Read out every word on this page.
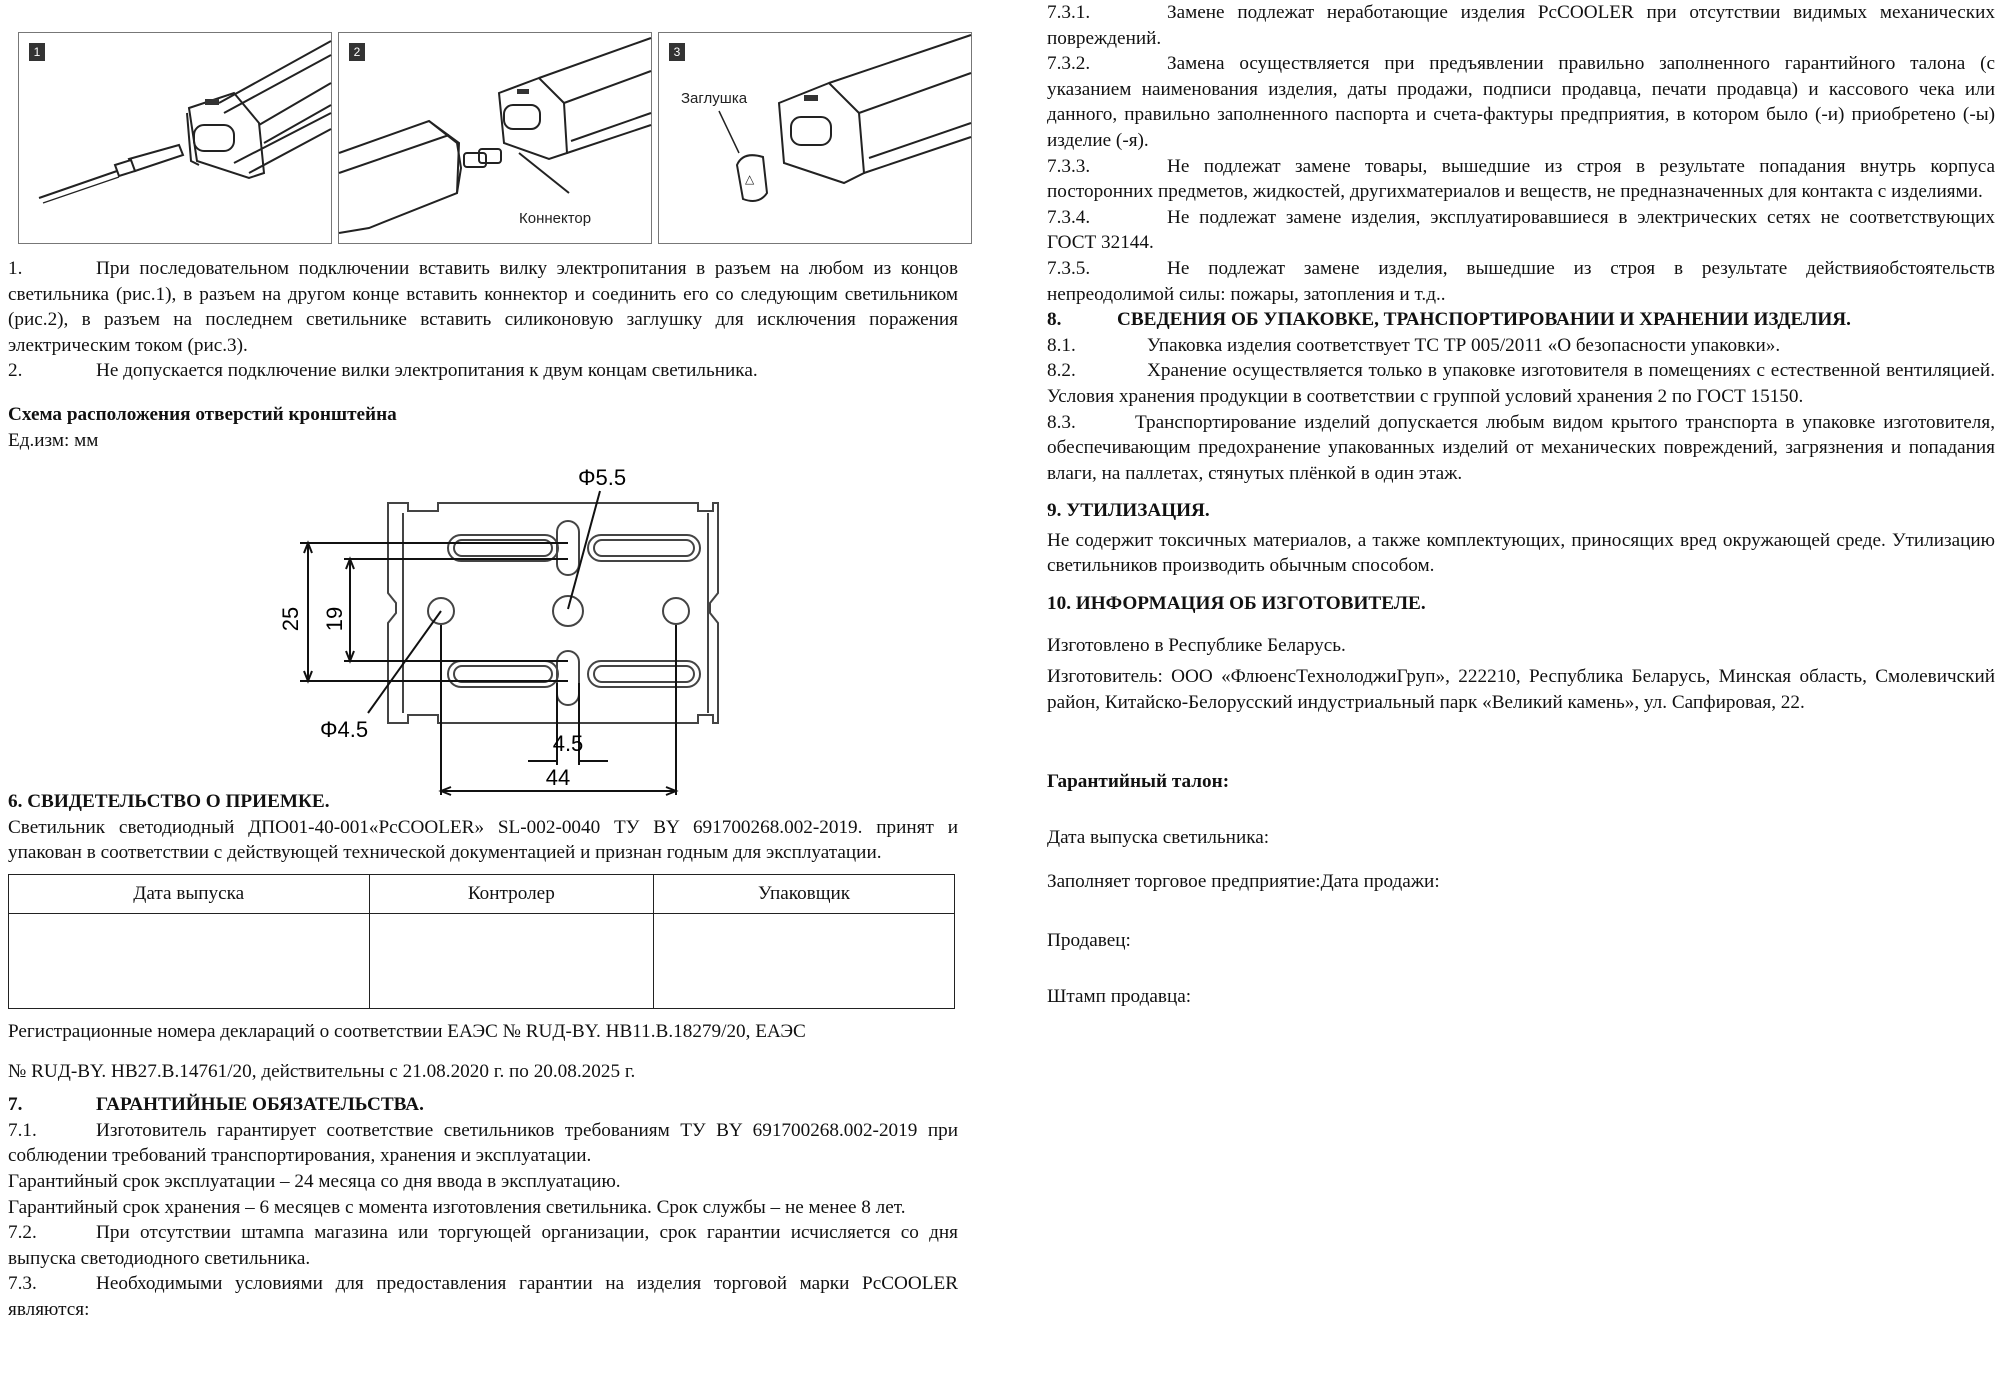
1	2
Коннектор
3
Заглушка
△

1.	При последовательном подключении вставить вилку электропитания в разъем на любом из концов светильника (рис.1), в разъем на другом конце вставить коннектор и соединить его со следующим светильником (рис.2), в разъем на последнем светильнике вставить силиконовую заглушку для исключения поражения электрическим током (рис.3).

2.	Не допускается подключение вилки электропитания к двум концам светильника.

Схема расположения отверстий кронштейна

Ед.изм: мм

Φ5.5
Φ4.5
25 19
4.5
44

6. СВИДЕТЕЛЬСТВО О ПРИЕМКЕ.

Светильник светодиодный ДПО01-40-001«PcCOOLER» SL-002-0040 ТУ BY 691700268.002-2019. принят и упакован в соответствии с действующей технической документацией и признан годным для эксплуатации.

Дата выпуска	Контролер	Упаковщик

Регистрационные номера деклараций о соответствии ЕАЭС № RUД-BY. НВ11.В.18279/20, ЕАЭС

№ RUД-BY. НВ27.В.14761/20, действительны с 21.08.2020 г. по 20.08.2025 г.

7.	ГАРАНТИЙНЫЕ ОБЯЗАТЕЛЬСТВА.

7.1.	Изготовитель гарантирует соответствие светильников требованиям ТУ BY 691700268.002-2019 при соблюдении требований транспортирования, хранения и эксплуатации.

Гарантийный срок эксплуатации – 24 месяца со дня ввода в эксплуатацию.

Гарантийный срок хранения – 6 месяцев с момента изготовления светильника. Срок службы – не менее 8 лет.

7.2.	При отсутствии штампа магазина или торгующей организации, срок гарантии исчисляется со дня выпуска светодиодного светильника.

7.3.	Необходимыми условиями для предоставления гарантии на изделия торговой марки PcCOOLER являются:

7.3.1.	Замене подлежат неработающие изделия PcCOOLER при отсутствии видимых механических повреждений.

7.3.2.	Замена осуществляется при предъявлении правильно заполненного гарантийного талона (с указанием наименования изделия, даты продажи, подписи продавца, печати продавца) и кассового чека или данного, правильно заполненного паспорта и счета-фактуры предприятия, в котором было (-и) приобретено (-ы) изделие (-я).

7.3.3.	Не подлежат замене товары, вышедшие из строя в результате попадания внутрь корпуса посторонних предметов, жидкостей, другихматериалов и веществ, не предназначенных для контакта с изделиями.

7.3.4.	Не подлежат замене изделия, эксплуатировавшиеся в электрических сетях не соответствующих ГОСТ 32144.

7.3.5.	Не подлежат замене изделия, вышедшие из строя в результате действияобстоятельств непреодолимой силы: пожары, затопления и т.д..

8.	СВЕДЕНИЯ ОБ УПАКОВКЕ, ТРАНСПОРТИРОВАНИИ И ХРАНЕНИИ ИЗДЕЛИЯ.

8.1.	Упаковка изделия соответствует ТС ТР 005/2011 «О безопасности упаковки».

8.2.	Хранение осуществляется только в упаковке изготовителя в помещениях с естественной вентиляцией. Условия хранения продукции в соответствии с группой условий хранения 2 по ГОСТ 15150.

8.3.	Транспортирование изделий допускается любым видом крытого транспорта в упаковке изготовителя, обеспечивающим предохранение упакованных изделий от механических повреждений, загрязнения и попадания влаги, на паллетах, стянутых плёнкой в один этаж.

9. УТИЛИЗАЦИЯ.

Не содержит токсичных материалов, а также комплектующих, приносящих вред окружающей среде. Утилизацию светильников производить обычным способом.

10. ИНФОРМАЦИЯ ОБ ИЗГОТОВИТЕЛЕ.

Изготовлено в Республике Беларусь.

Изготовитель: ООО «ФлюенсТехнолоджиГруп», 222210, Республика Беларусь, Минская область, Смолевичский район, Китайско-Белорусский индустриальный парк «Великий камень», ул. Сапфировая, 22.

Гарантийный талон:

Дата выпуска светильника:

Заполняет торговое предприятие:Дата продажи:

Продавец:

Штамп продавца:
